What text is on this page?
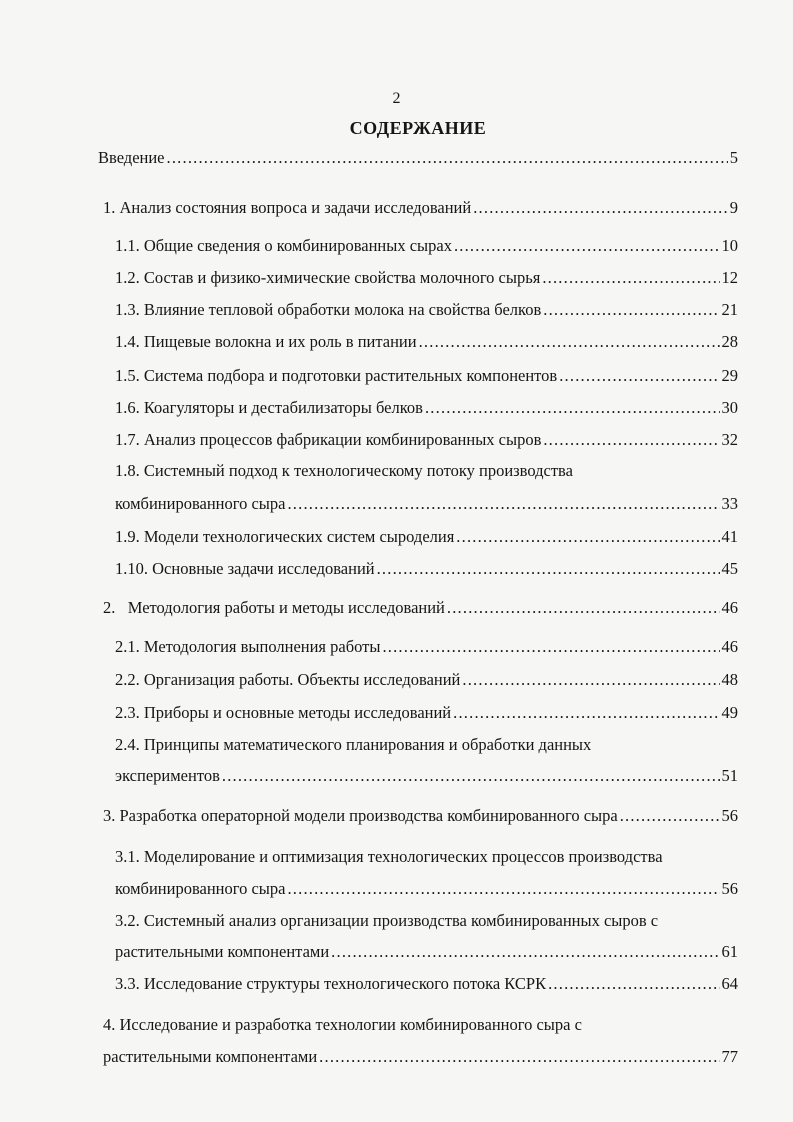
2
СОДЕРЖАНИЕ
Введение .....	5
1. Анализ состояния вопроса и задачи исследований .....	9
1.1. Общие сведения о комбинированных сырах .....	10
1.2. Состав и физико-химические свойства молочного сырья .....	12
1.3. Влияние тепловой обработки молока на свойства белков .....	21
1.4. Пищевые волокна и их роль в питании .....	28
1.5. Система подбора и подготовки растительных компонентов .....	29
1.6. Коагуляторы и дестабилизаторы белков .....	30
1.7. Анализ процессов фабрикации комбинированных сыров .....	32
1.8. Системный подход к технологическому потоку производства
комбинированного сыра .....	33
1.9. Модели технологических систем сыроделия .....	41
1.10. Основные задачи исследований .....	45
2.   Методология работы и методы исследований .....	46
2.1. Методология выполнения работы .....	46
2.2. Организация работы. Объекты исследований .....	48
2.3. Приборы и основные методы исследований .....	49
2.4. Принципы математического планирования и обработки данных
экспериментов .....	51
3. Разработка операторной модели производства комбинированного сыра .....	56
3.1. Моделирование и оптимизация технологических процессов производства
комбинированного сыра .....	56
3.2. Системный анализ организации производства комбинированных сыров с
растительными компонентами .....	61
3.3. Исследование структуры технологического потока КСРК .....	64
4. Исследование и разработка технологии комбинированного сыра с
растительными компонентами .....	77
